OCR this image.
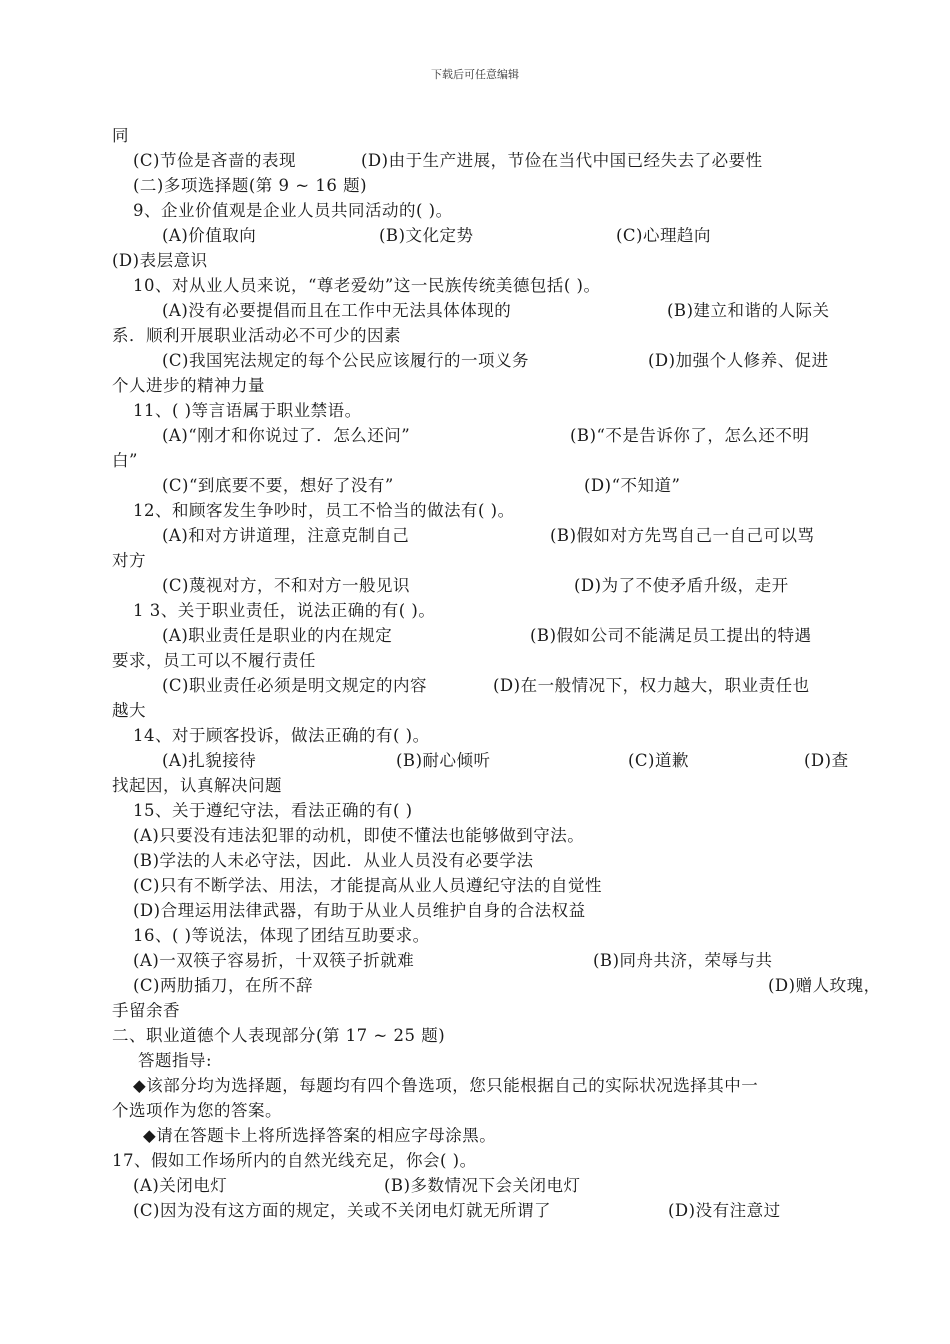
下载后可任意编辑
同
(C)节俭是吝啬的表现	(D)由于生产进展，节俭在当代中国已经失去了必要性
(二)多项选择题(第 9 ~ 16 题)
9、企业价值观是企业人员共同活动的( )。
(A)价值取向	(B)文化定势	(C)心理趋向
(D)表层意识
10、对从业人员来说，“尊老爱幼”这一民族传统美德包括( )。
(A)没有必要提倡而且在工作中无法具体体现的	(B)建立和谐的人际关
系．顺利开展职业活动必不可少的因素
(C)我国宪法规定的每个公民应该履行的一项义务	(D)加强个人修养、促进
个人进步的精神力量
11、( )等言语属于职业禁语。
(A)“刚才和你说过了．怎么还问”	(B)“不是告诉你了，怎么还不明
白”
(C)“到底要不要，想好了没有”	(D)“不知道”
12、和顾客发生争吵时，员工不恰当的做法有( )。
(A)和对方讲道理，注意克制自己	(B)假如对方先骂自己一自己可以骂
对方
(C)蔑视对方，不和对方一般见识	(D)为了不使矛盾升级，走开
1 3、关于职业责任，说法正确的有( )。
(A)职业责任是职业的内在规定	(B)假如公司不能满足员工提出的特遇
要求，员工可以不履行责任
(C)职业责任必须是明文规定的内容	(D)在一般情况下，权力越大，职业责任也
越大
14、对于顾客投诉，做法正确的有( )。
(A)扎貌接待	(B)耐心倾听	(C)道歉	(D)查
找起因，认真解决问题
15、关于遵纪守法，看法正确的有( )
(A)只要没有违法犯罪的动机，即使不懂法也能够做到守法。
(B)学法的人未必守法，因此．从业人员没有必要学法
(C)只有不断学法、用法，才能提高从业人员遵纪守法的自觉性
(D)合理运用法律武器，有助于从业人员维护自身的合法权益
16、( )等说法，体现了团结互助要求。
(A)一双筷子容易折，十双筷子折就难	(B)同舟共济，荣辱与共
(C)两肋插刀，在所不辞	(D)赠人玫瑰，
手留余香
二、职业道德个人表现部分(第 17 ~ 25 题)
答题指导:
◆该部分均为选择题，每题均有四个鲁选项，您只能根据自己的实际状况选择其中一
个选项作为您的答案。
◆请在答题卡上将所选择答案的相应字母涂黑。
17、假如工作场所内的自然光线充足，你会( )。
(A)关闭电灯	(B)多数情况下会关闭电灯
(C)因为没有这方面的规定，关或不关闭电灯就无所谓了	(D)没有注意过
